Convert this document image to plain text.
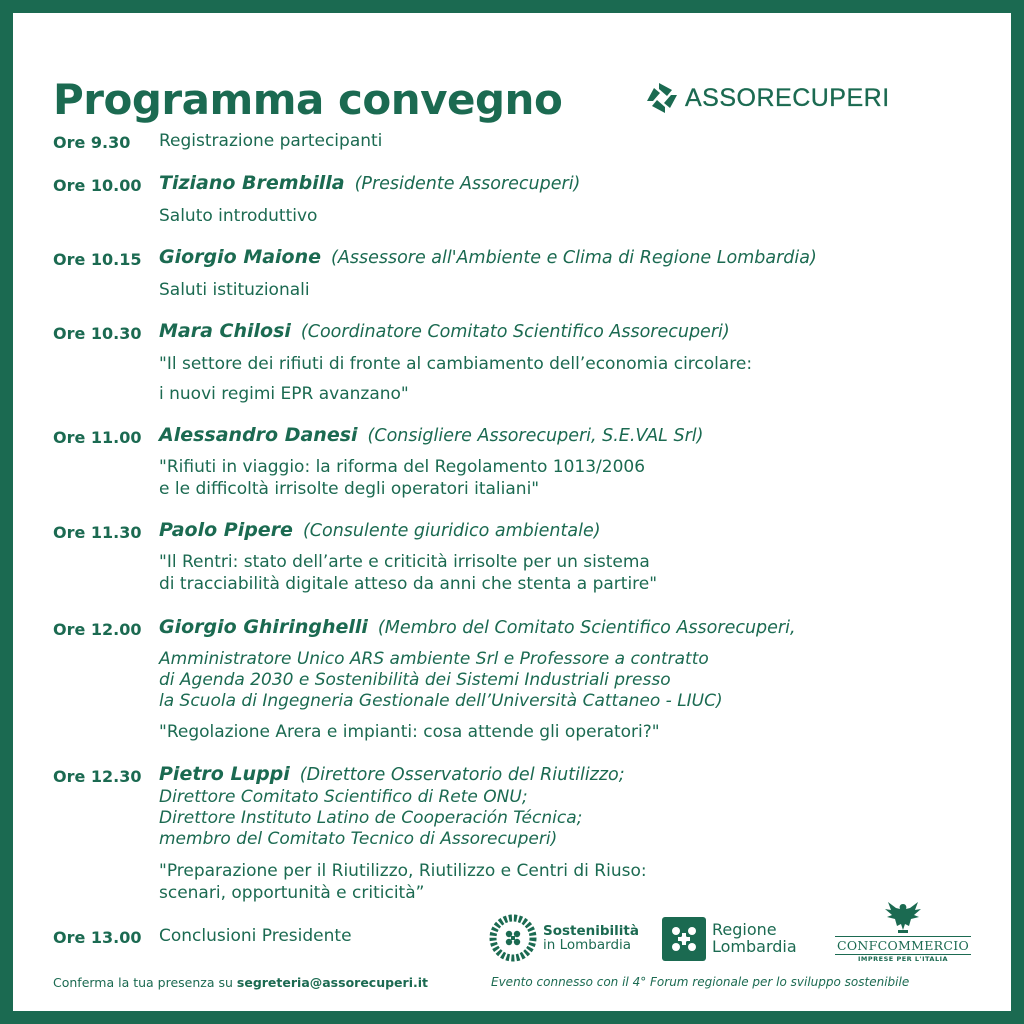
Programma convegno	ASSORECUPERI
Ore 9.30 Registrazione partecipanti
Ore 10.00 Tiziano Brembilla (Presidente Assorecuperi)
Saluto introduttivo
Ore 10.15 Giorgio Maione (Assessore all'Ambiente e Clima di Regione Lombardia)
Saluti istituzionali
Ore 10.30 Mara Chilosi (Coordinatore Comitato Scientifico Assorecuperi)
"Il settore dei rifiuti di fronte al cambiamento dell’economia circolare:
i nuovi regimi EPR avanzano"
Ore 11.00 Alessandro Danesi (Consigliere Assorecuperi, S.E.VAL Srl)
"Rifiuti in viaggio: la riforma del Regolamento 1013/2006
e le difficoltà irrisolte degli operatori italiani"
Ore 11.30 Paolo Pipere (Consulente giuridico ambientale)
"Il Rentri: stato dell’arte e criticità irrisolte per un sistema
di tracciabilità digitale atteso da anni che stenta a partire"
Ore 12.00 Giorgio Ghiringhelli (Membro del Comitato Scientifico Assorecuperi,
Amministratore Unico ARS ambiente Srl e Professore a contratto
di Agenda 2030 e Sostenibilità dei Sistemi Industriali presso
la Scuola di Ingegneria Gestionale dell’Università Cattaneo - LIUC)
"Regolazione Arera e impianti: cosa attende gli operatori?"
Ore 12.30 Pietro Luppi (Direttore Osservatorio del Riutilizzo;
Direttore Comitato Scientifico di Rete ONU;
Direttore Instituto Latino de Cooperación Técnica;
membro del Comitato Tecnico di Assorecuperi)
"Preparazione per il Riutilizzo, Riutilizzo e Centri di Riuso:
scenari, opportunità e criticità”
Ore 13.00 Conclusioni Presidente	Sostenibilità
in Lombardia
Regione
Lombardia	CONFCOMMERCIO
IMPRESE PER L'ITALIA
Conferma la tua presenza su segreteria@assorecuperi.it	Evento connesso con il 4° Forum regionale per lo sviluppo sostenibile
